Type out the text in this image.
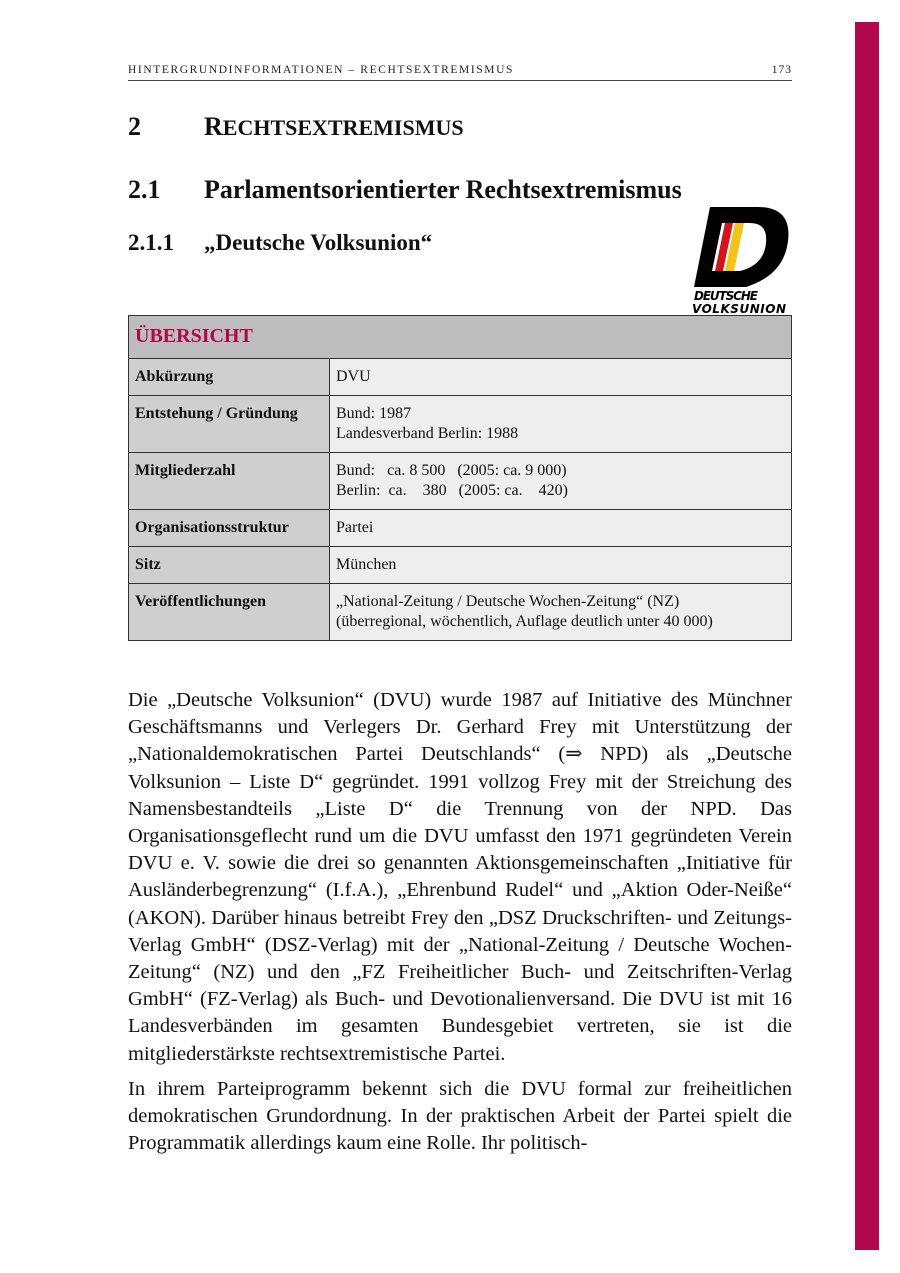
HINTERGRUNDINFORMATIONEN – RECHTSEXTREMISMUS	173
2 RECHTSEXTREMISMUS
2.1 Parlamentsorientierter Rechtsextremismus
2.1.1 „Deutsche Volksunion“
DEUTSCHE
VOLKSUNION
ÜBERSICHT	
Abkürzung	DVU

Entstehung / Gründung	Bund: 1987
Landesverband Berlin: 1988

Mitgliederzahl	Bund:   ca. 8 500   (2005: ca. 9 000)
Berlin:  ca.    380   (2005: ca.    420)

Organisationsstruktur	Partei

Sitz	München

Veröffentlichungen	„National-Zeitung / Deutsche Wochen-Zeitung“ (NZ)
(überregional, wöchentlich, Auflage deutlich unter 40 000)

Die „Deutsche Volksunion“ (DVU) wurde 1987 auf Initiative des Münchner Geschäftsmanns und Verlegers Dr. Gerhard Frey mit Unterstützung der „Nationaldemokratischen Partei Deutschlands“ (⇒ NPD) als „Deutsche Volksunion – Liste D“ gegründet. 1991 vollzog Frey mit der Streichung des Namensbestandteils „Liste D“ die Trennung von der NPD. Das Organisationsgeflecht rund um die DVU umfasst den 1971 gegründeten Verein DVU e. V. sowie die drei so genannten Aktionsgemeinschaften „Initiative für Ausländerbegrenzung“ (I.f.A.), „Ehrenbund Rudel“ und „Aktion Oder-Neiße“ (AKON). Darüber hinaus betreibt Frey den „DSZ Druckschriften- und Zeitungs-Verlag GmbH“ (DSZ-Verlag) mit der „National-Zeitung / Deutsche Wochen-Zeitung“ (NZ) und den „FZ Freiheitlicher Buch- und Zeitschriften-Verlag GmbH“ (FZ-Verlag) als Buch- und Devotionalienversand. Die DVU ist mit 16 Landesverbänden im gesamten Bundesgebiet vertreten, sie ist die mitgliederstärkste rechtsextremistische Partei.

In ihrem Parteiprogramm bekennt sich die DVU formal zur freiheitlichen demokratischen Grundordnung. In der praktischen Arbeit der Partei spielt die Programmatik allerdings kaum eine Rolle. Ihr politisch-
